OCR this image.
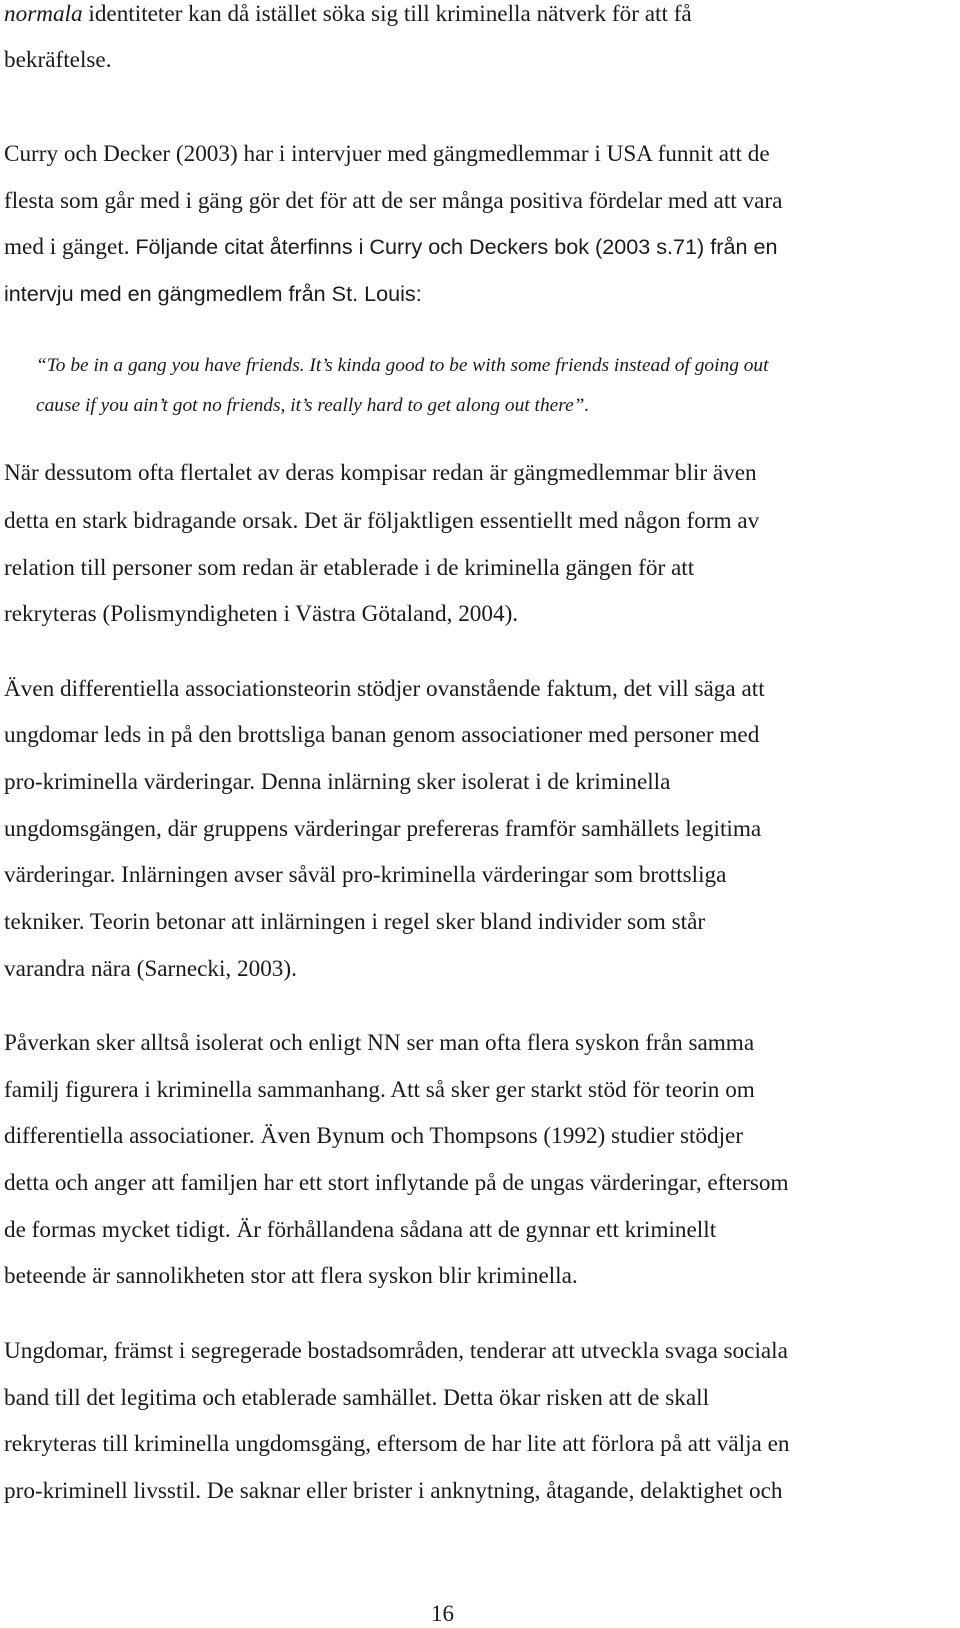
normala identiteter kan då istället söka sig till kriminella nätverk för att få
bekräftelse.
Curry och Decker (2003) har i intervjuer med gängmedlemmar i USA funnit att de
flesta som går med i gäng gör det för att de ser många positiva fördelar med att vara
med i gänget. Följande citat återfinns i Curry och Deckers bok (2003 s.71) från en
intervju med en gängmedlem från St. Louis:
“To be in a gang you have friends. It’s kinda good to be with some friends instead of going out
cause if you ain’t got no friends, it’s really hard to get along out there”.
När dessutom ofta flertalet av deras kompisar redan är gängmedlemmar blir även
detta en stark bidragande orsak. Det är följaktligen essentiellt med någon form av
relation till personer som redan är etablerade i de kriminella gängen för att
rekryteras (Polismyndigheten i Västra Götaland, 2004).
Även differentiella associationsteorin stödjer ovanstående faktum, det vill säga att
ungdomar leds in på den brottsliga banan genom associationer med personer med
pro-kriminella värderingar. Denna inlärning sker isolerat i de kriminella
ungdomsgängen, där gruppens värderingar prefereras framför samhällets legitima
värderingar. Inlärningen avser såväl pro-kriminella värderingar som brottsliga
tekniker. Teorin betonar att inlärningen i regel sker bland individer som står
varandra nära (Sarnecki, 2003).
Påverkan sker alltså isolerat och enligt NN ser man ofta flera syskon från samma
familj figurera i kriminella sammanhang. Att så sker ger starkt stöd för teorin om
differentiella associationer. Även Bynum och Thompsons (1992) studier stödjer
detta och anger att familjen har ett stort inflytande på de ungas värderingar, eftersom
de formas mycket tidigt. Är förhållandena sådana att de gynnar ett kriminellt
beteende är sannolikheten stor att flera syskon blir kriminella.
Ungdomar, främst i segregerade bostadsområden, tenderar att utveckla svaga sociala
band till det legitima och etablerade samhället. Detta ökar risken att de skall
rekryteras till kriminella ungdomsgäng, eftersom de har lite att förlora på att välja en
pro-kriminell livsstil. De saknar eller brister i anknytning, åtagande, delaktighet och
16
